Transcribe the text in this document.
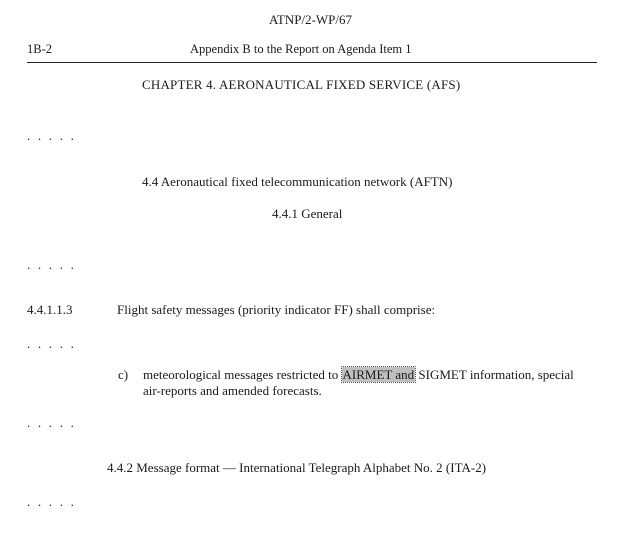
ATNP/2-WP/67
1B-2	Appendix B to the Report on Agenda Item 1
CHAPTER 4. AERONAUTICAL FIXED SERVICE (AFS)
. . . . .
4.4 Aeronautical fixed telecommunication network (AFTN)
4.4.1 General
. . . . .
4.4.1.1.3	Flight safety messages (priority indicator FF) shall comprise:
. . . . .
c) meteorological messages restricted to AIRMET and SIGMET information, special
air-reports and amended forecasts.
. . . . .
4.4.2 Message format — International Telegraph Alphabet No. 2 (ITA-2)
. . . . .
